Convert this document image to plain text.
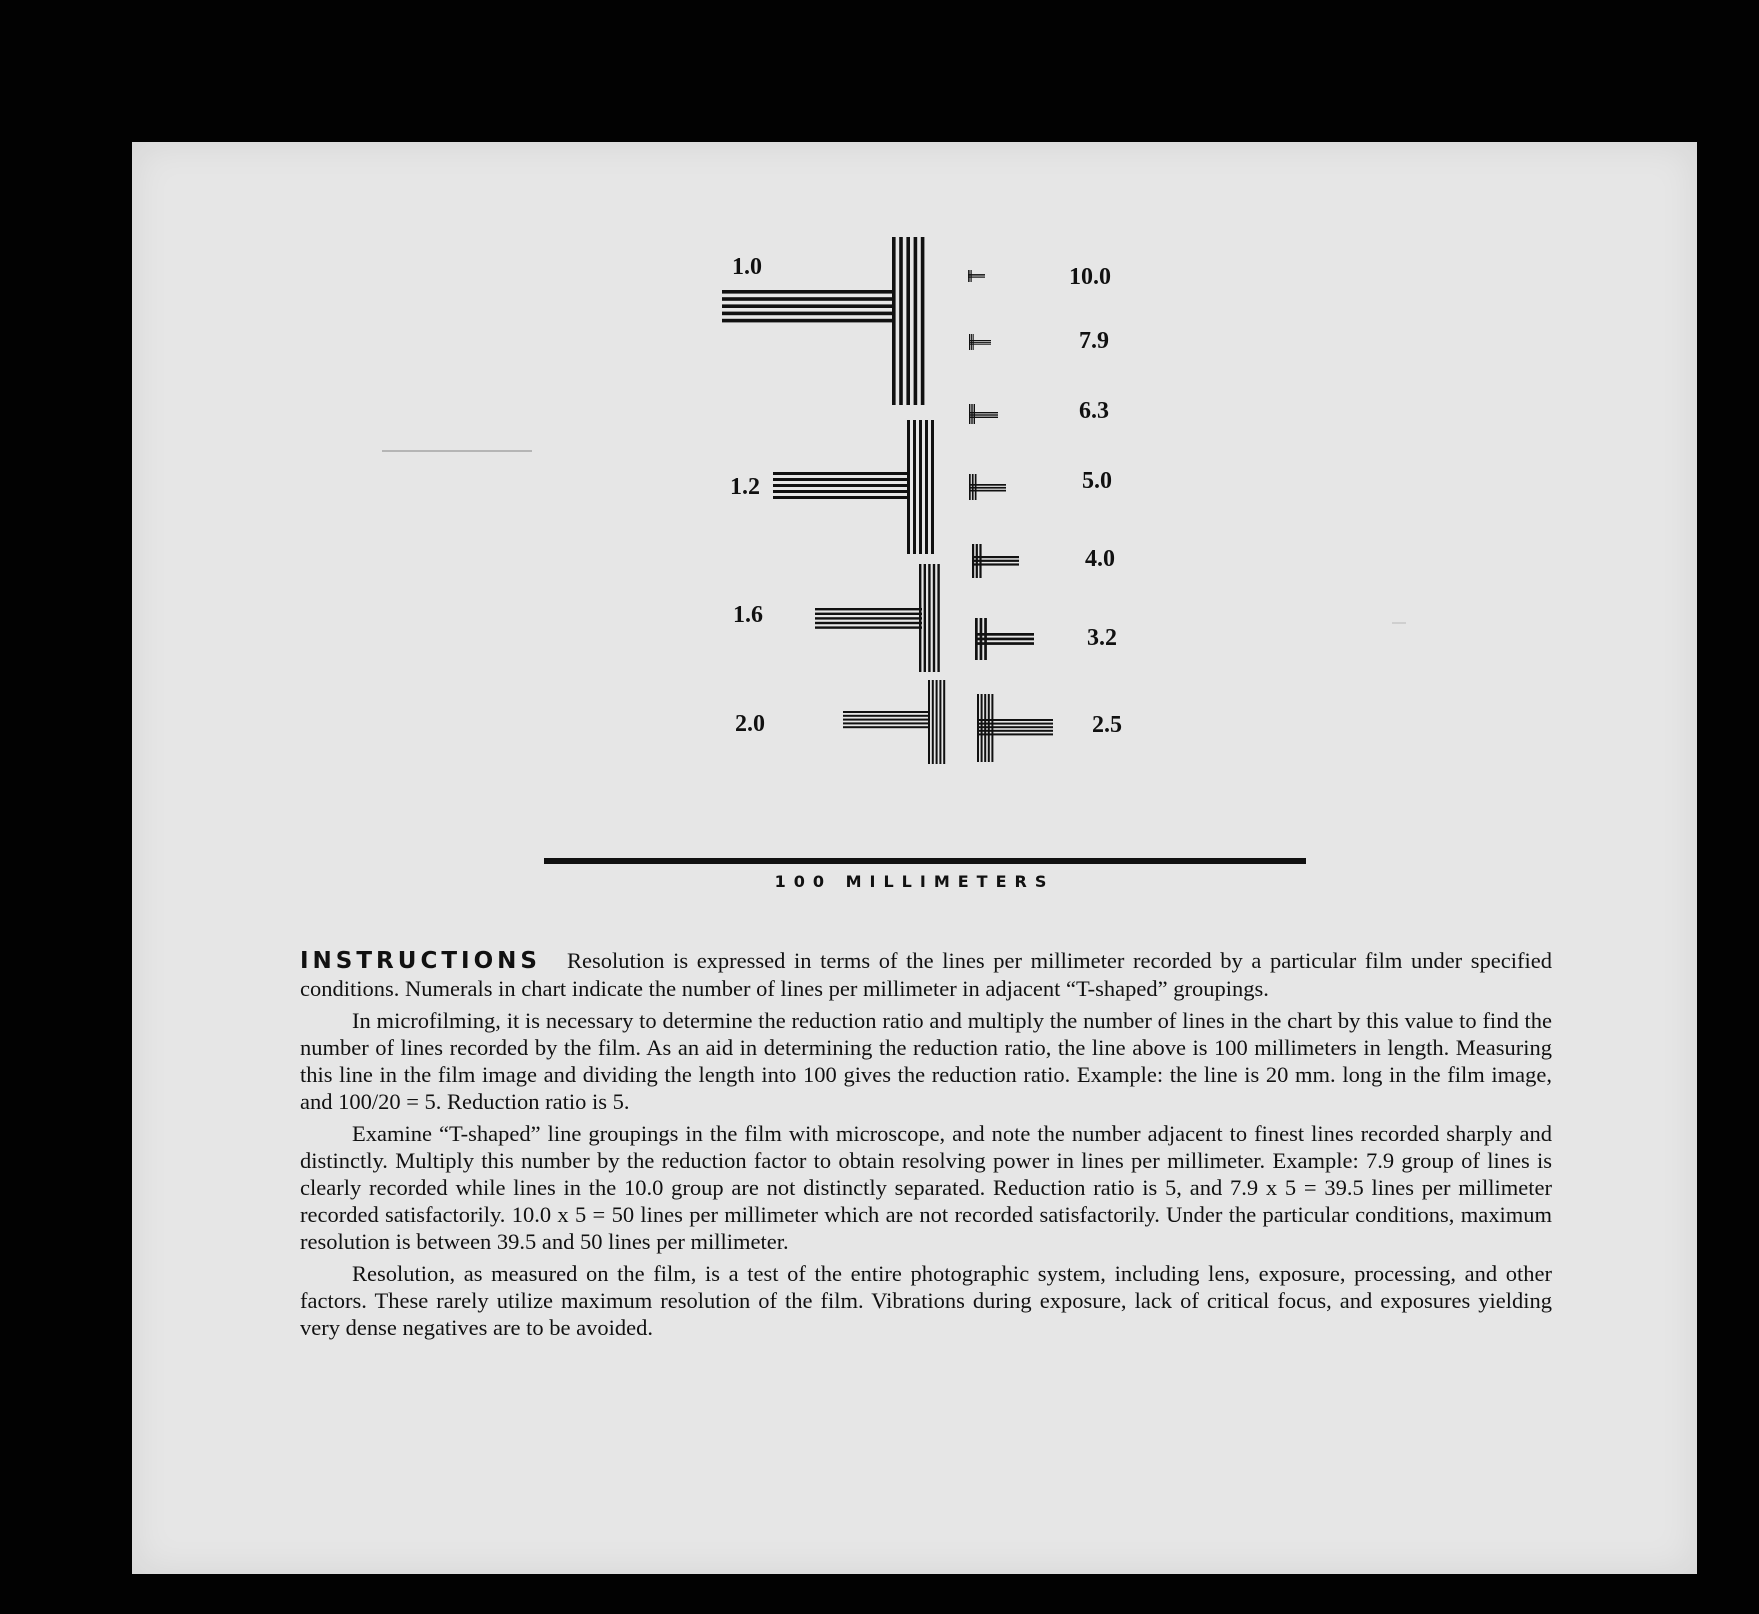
1.0
1.2
1.6
2.0
10.0
7.9
6.3
5.0
4.0
3.2
2.5
100 MILLIMETERS

INSTRUCTIONS Resolution is expressed in terms of the lines per millimeter recorded by a particular film under specified conditions. Numerals in chart indicate the number of lines per millimeter in adjacent “T-shaped” groupings.

In microfilming, it is necessary to determine the reduction ratio and multiply the number of lines in the chart by this value to find the number of lines recorded by the film. As an aid in determining the reduction ratio, the line above is 100 millimeters in length. Measuring this line in the film image and dividing the length into 100 gives the reduction ratio. Example: the line is 20 mm. long in the film image, and 100/20 = 5. Reduction ratio is 5.

Examine “T-shaped” line groupings in the film with microscope, and note the number adjacent to finest lines recorded sharply and distinctly. Multiply this number by the reduction factor to obtain resolving power in lines per millimeter. Example: 7.9 group of lines is clearly recorded while lines in the 10.0 group are not distinctly separated. Reduction ratio is 5, and 7.9 x 5 = 39.5 lines per millimeter recorded satisfactorily. 10.0 x 5 = 50 lines per millimeter which are not recorded satisfactorily. Under the particular conditions, maximum resolution is between 39.5 and 50 lines per millimeter.

Resolution, as measured on the film, is a test of the entire photographic system, including lens, exposure, processing, and other factors. These rarely utilize maximum resolution of the film. Vibrations during exposure, lack of critical focus, and exposures yielding very dense negatives are to be avoided.
